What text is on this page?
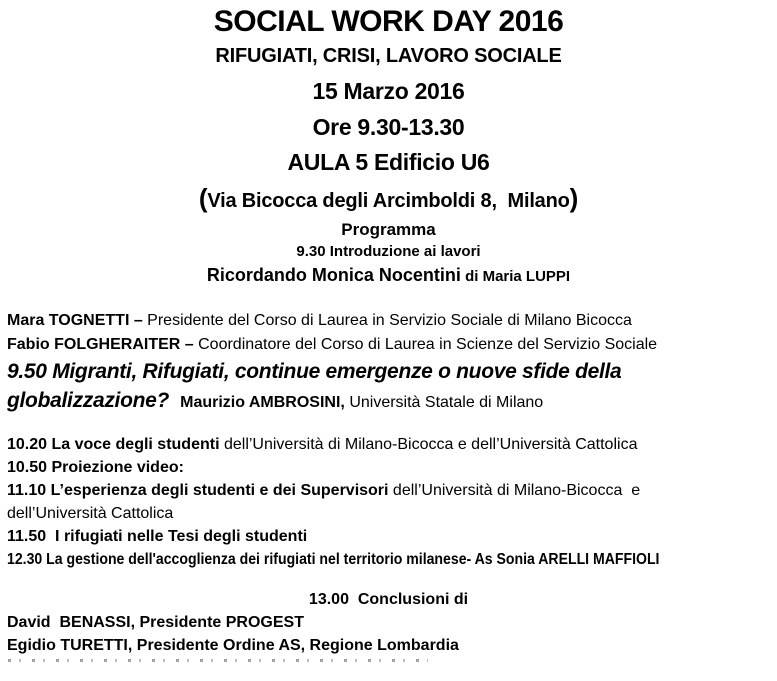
SOCIAL WORK DAY 2016

RIFUGIATI, CRISI, LAVORO SOCIALE

15 Marzo 2016

Ore 9.30-13.30

AULA 5 Edificio U6

(Via Bicocca degli Arcimboldi 8,  Milano)

Programma

9.30 Introduzione ai lavori

Ricordando Monica Nocentini di Maria LUPPI

Mara TOGNETTI – Presidente del Corso di Laurea in Servizio Sociale di Milano Bicocca

Fabio FOLGHERAITER – Coordinatore del Corso di Laurea in Scienze del Servizio Sociale

9.50 Migranti, Rifugiati, continue emergenze o nuove sfide della
globalizzazione?  Maurizio AMBROSINI, Università Statale di Milano

10.20 La voce degli studenti dell’Università di Milano-Bicocca e dell’Università Cattolica

10.50 Proiezione video:

11.10 L’esperienza degli studenti e dei Supervisori dell’Università di Milano-Bicocca  e
dell’Università Cattolica

11.50  I rifugiati nelle Tesi degli studenti

12.30 La gestione dell'accoglienza dei rifugiati nel territorio milanese- As Sonia ARELLI MAFFIOLI

13.00  Conclusioni di

David  BENASSI, Presidente PROGEST

Egidio TURETTI, Presidente Ordine AS, Regione Lombardia
